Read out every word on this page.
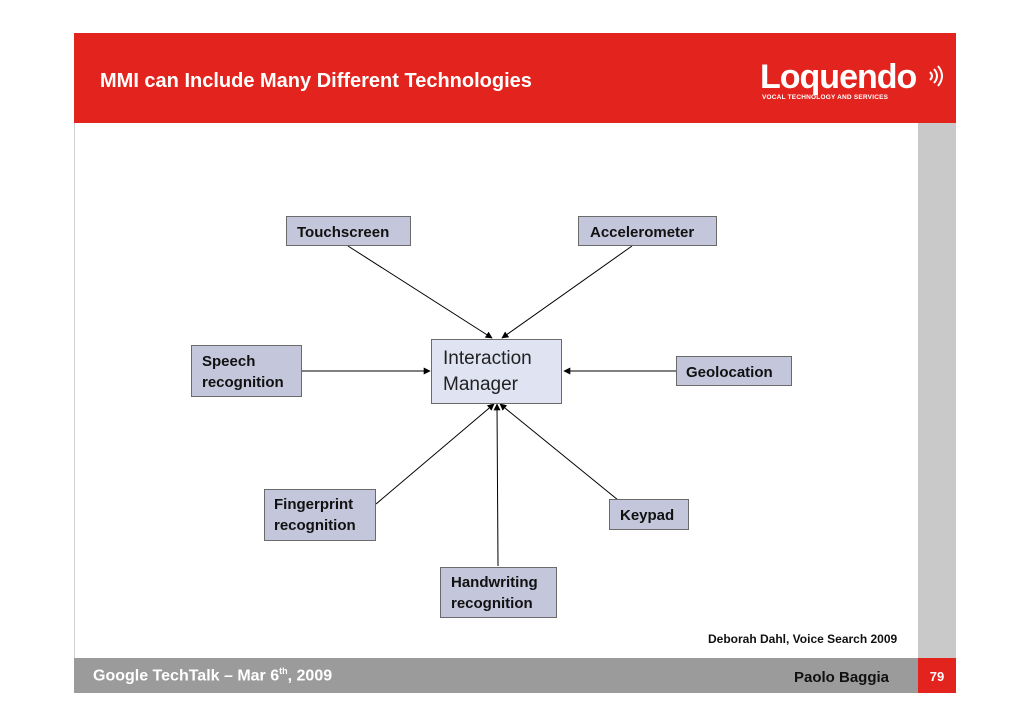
MMI can Include Many Different Technologies	Loquendo
VOCAL TECHNOLOGY AND SERVICES
Touchscreen	Accelerometer
Speech
recognition
Interaction
Manager
Geolocation
Fingerprint
recognition
Keypad
Handwriting
recognition
Deborah Dahl, Voice Search 2009
Google TechTalk – Mar 6th, 2009	Paolo Baggia	79
